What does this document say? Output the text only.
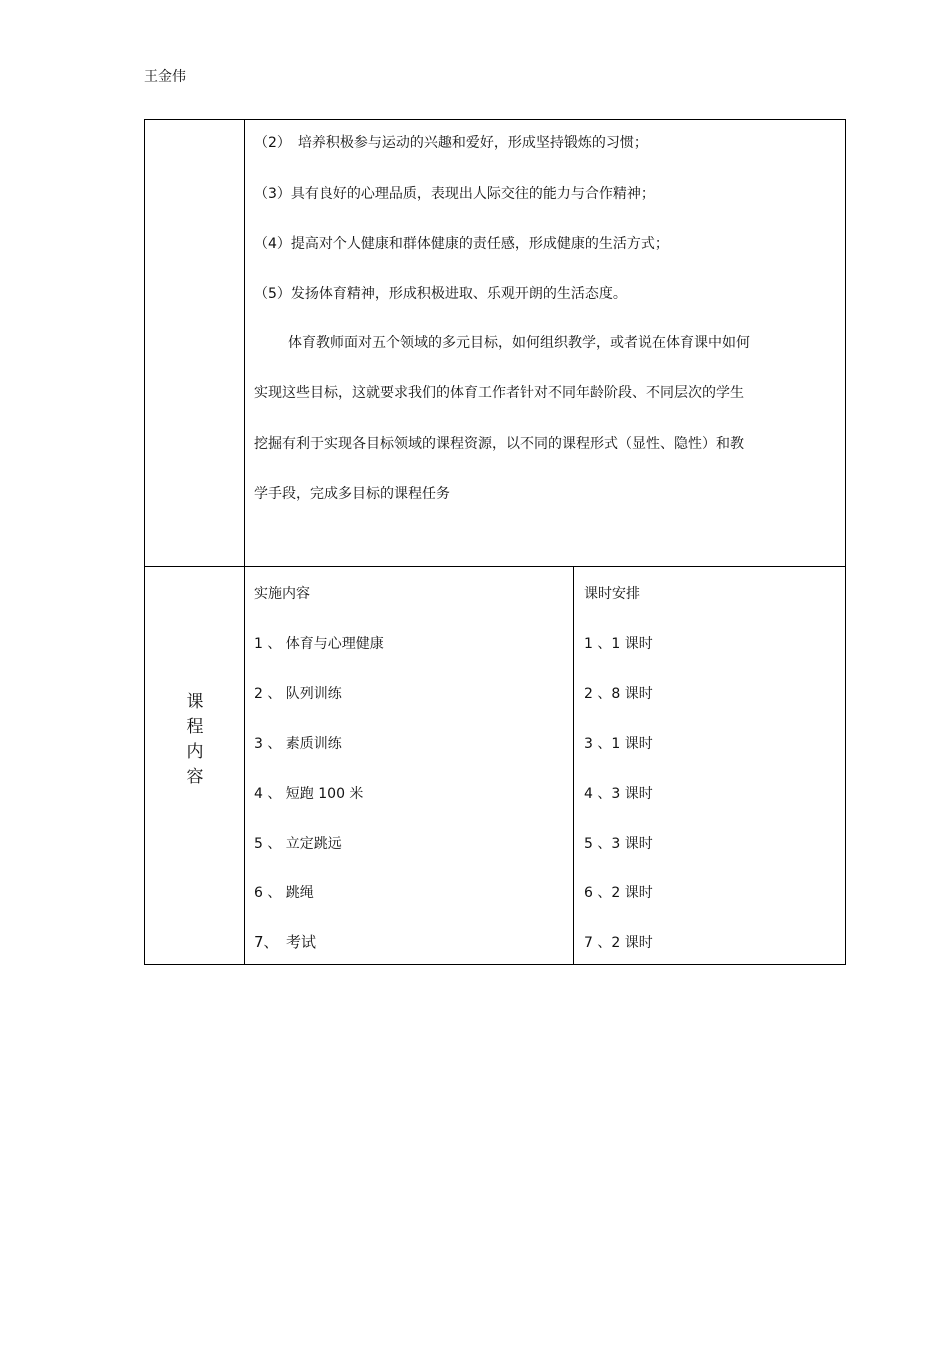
王金伟
（2）　培养积极参与运动的兴趣和爱好，形成坚持锻炼的习惯；
（3）具有良好的心理品质，表现出人际交往的能力与合作精神；
（4）提高对个人健康和群体健康的责任感，形成健康的生活方式；
（5）发扬体育精神，形成积极进取、乐观开朗的生活态度。
体育教师面对五个领域的多元目标，如何组织教学，或者说在体育课中如何
实现这些目标，这就要求我们的体育工作者针对不同年龄阶段、不同层次的学生
挖掘有利于实现各目标领域的课程资源，以不同的课程形式（显性、隐性）和教
学手段，完成多目标的课程任务
课
程
内
容
实施内容
1 、 体育与心理健康
2 、 队列训练
3 、 素质训练
4 、 短跑 100 米
5 、 立定跳远
6 、 跳绳
7、　考试
课时安排
1 、1 课时
2 、8 课时
3 、1 课时
4 、3 课时
5 、3 课时
6 、2 课时
7 、2 课时
